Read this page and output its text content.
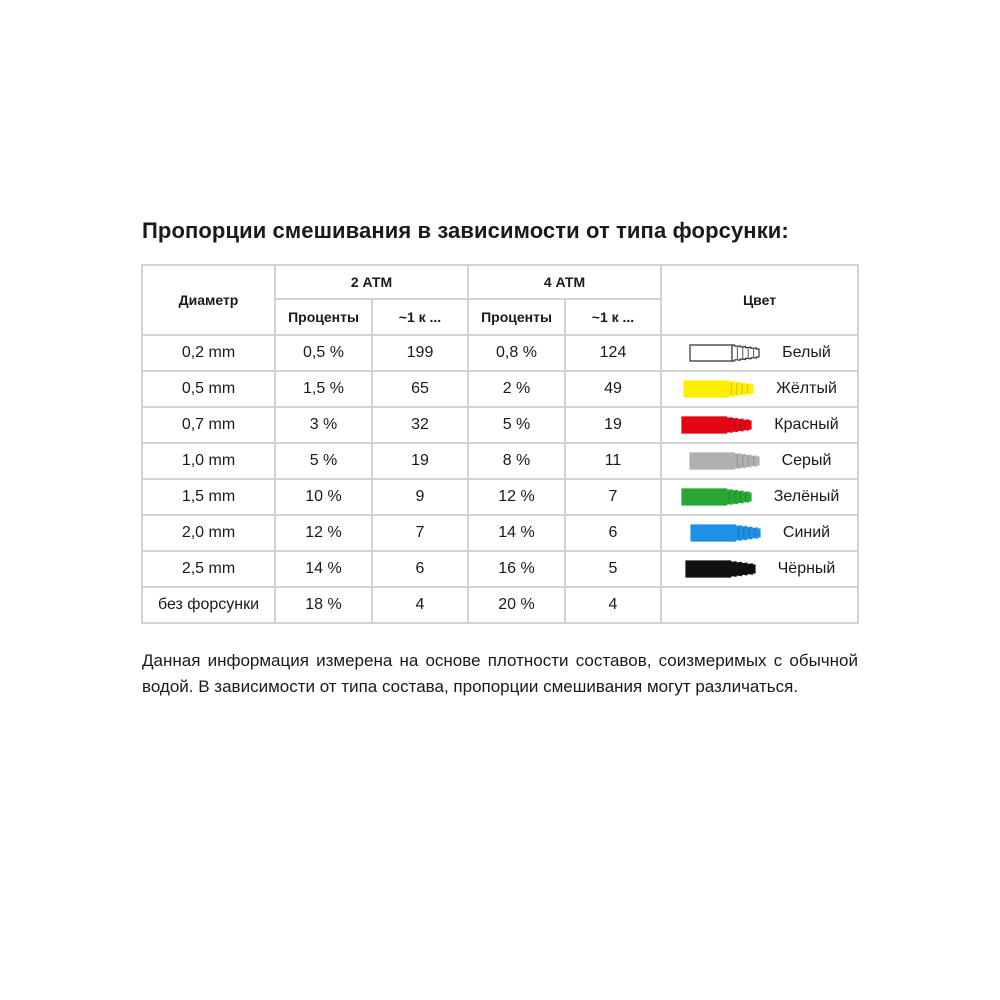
Пропорции смешивания в зависимости от типа форсунки:
Диаметр	2 АТМ		4 АТМ		Цвет
	Проценты	~1 к ...	Проценты	~1 к ...	
0,2 mm	0,5 %	199	0,8 %	124	Белый
0,5 mm	1,5 %	65	2 %	49	Жёлтый
0,7 mm	3 %	32	5 %	19	Красный
1,0 mm	5 %	19	8 %	11	Серый
1,5 mm	10 %	9	12 %	7	Зелёный
2,0 mm	12 %	7	14 %	6	Синий
2,5 mm	14 %	6	16 %	5	Чёрный
без форсунки	18 %	4	20 %	4	
Данная информация измерена на основе плотности составов, соизмеримых с обычной водой. В зависимости от типа состава, пропорции смешивания могут различаться.
